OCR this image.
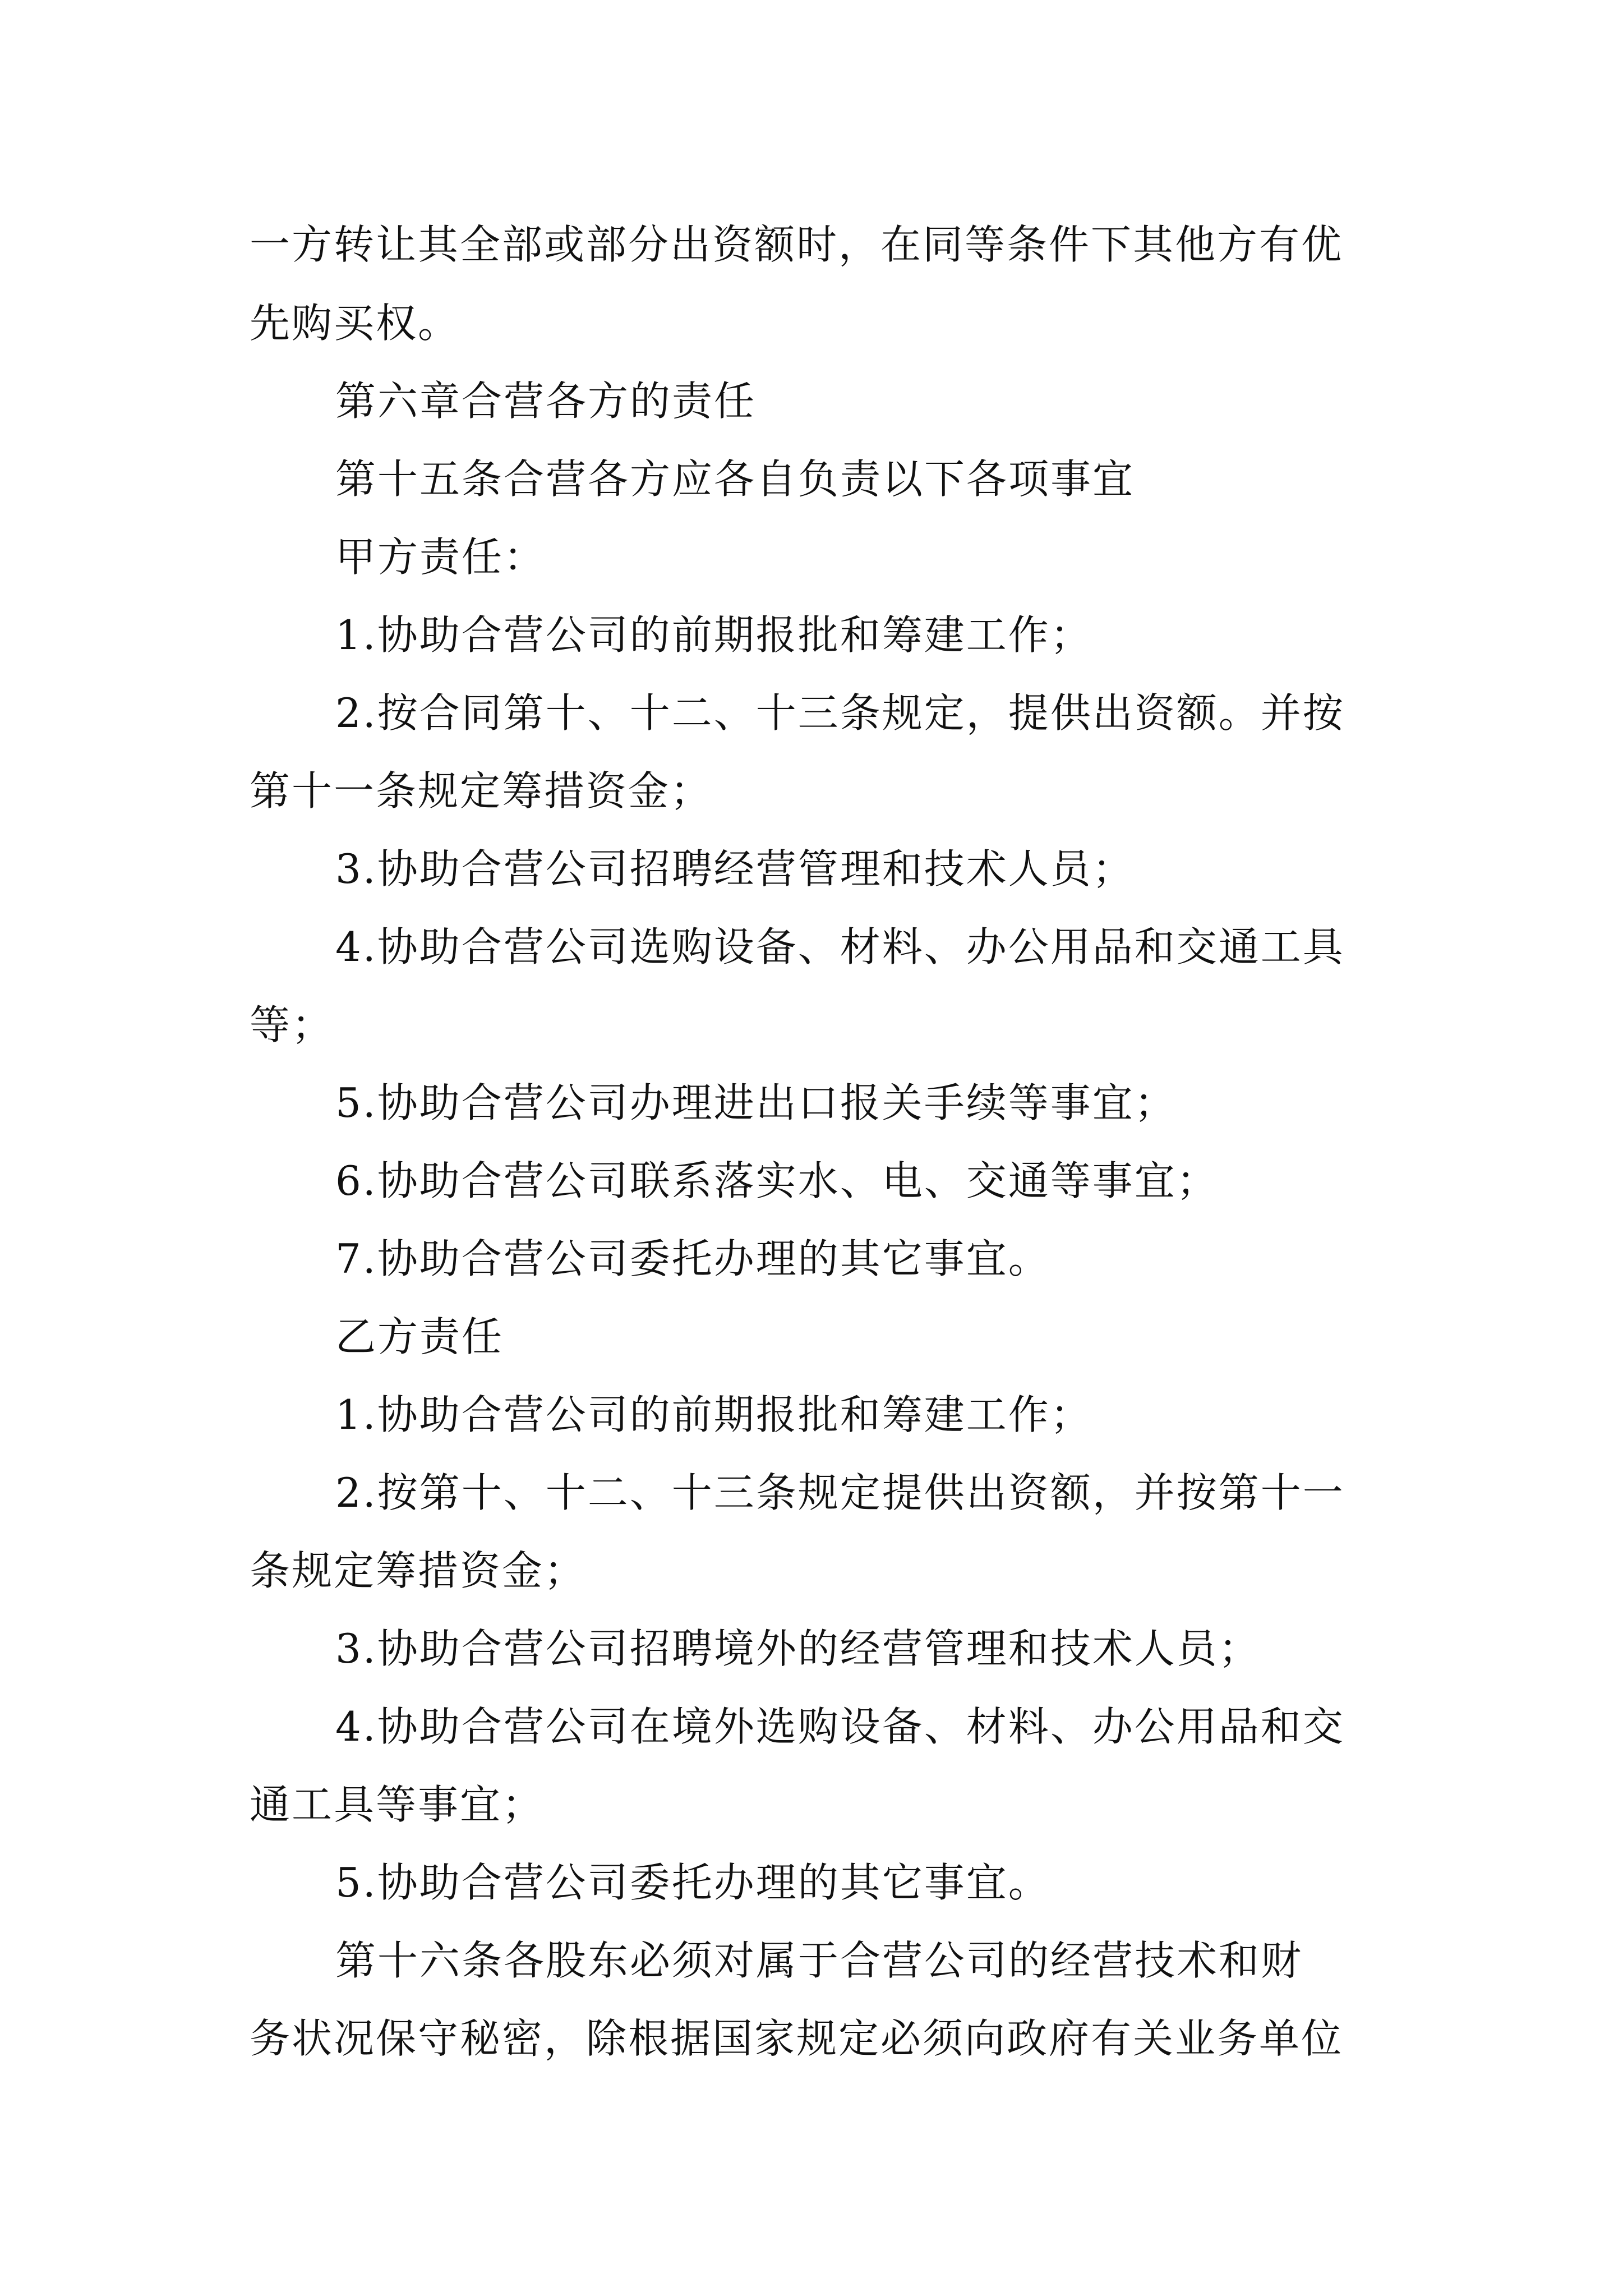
一方转让其全部或部分出资额时，在同等条件下其他方有优
先购买权。
第六章合营各方的责任
第十五条合营各方应各自负责以下各项事宜
甲方责任：
1.协助合营公司的前期报批和筹建工作；
2.按合同第十、十二、十三条规定，提供出资额。并按
第十一条规定筹措资金；
3.协助合营公司招聘经营管理和技术人员；
4.协助合营公司选购设备、材料、办公用品和交通工具
等；
5.协助合营公司办理进出口报关手续等事宜；
6.协助合营公司联系落实水、电、交通等事宜；
7.协助合营公司委托办理的其它事宜。
乙方责任
1.协助合营公司的前期报批和筹建工作；
2.按第十、十二、十三条规定提供出资额，并按第十一
条规定筹措资金；
3.协助合营公司招聘境外的经营管理和技术人员；
4.协助合营公司在境外选购设备、材料、办公用品和交
通工具等事宜；
5.协助合营公司委托办理的其它事宜。
第十六条各股东必须对属于合营公司的经营技术和财
务状况保守秘密，除根据国家规定必须向政府有关业务单位
